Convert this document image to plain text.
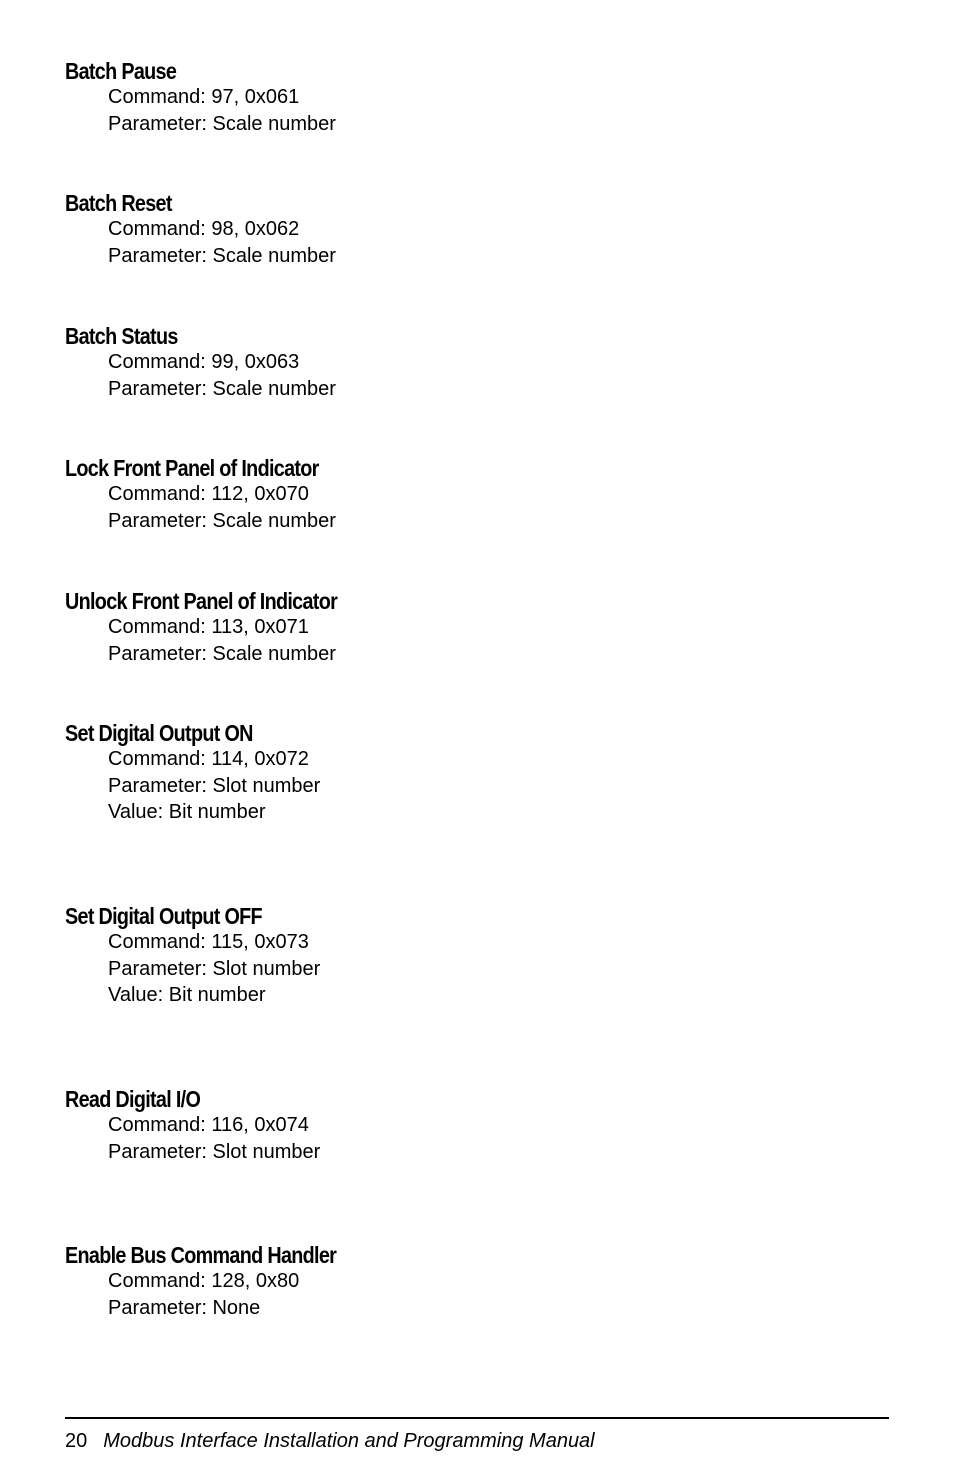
Batch Pause
Command: 97, 0x061
Parameter: Scale number
Batch Reset
Command: 98, 0x062
Parameter: Scale number
Batch Status
Command: 99, 0x063
Parameter: Scale number
Lock Front Panel of Indicator
Command: 112, 0x070
Parameter: Scale number
Unlock Front Panel of Indicator
Command: 113, 0x071
Parameter: Scale number
Set Digital Output ON
Command: 114, 0x072
Parameter: Slot number
Value: Bit number
Set Digital Output OFF
Command: 115, 0x073
Parameter: Slot number
Value: Bit number
Read Digital I/O
Command: 116, 0x074
Parameter: Slot number
Enable Bus Command Handler
Command: 128, 0x80
Parameter: None
20 Modbus Interface Installation and Programming Manual
